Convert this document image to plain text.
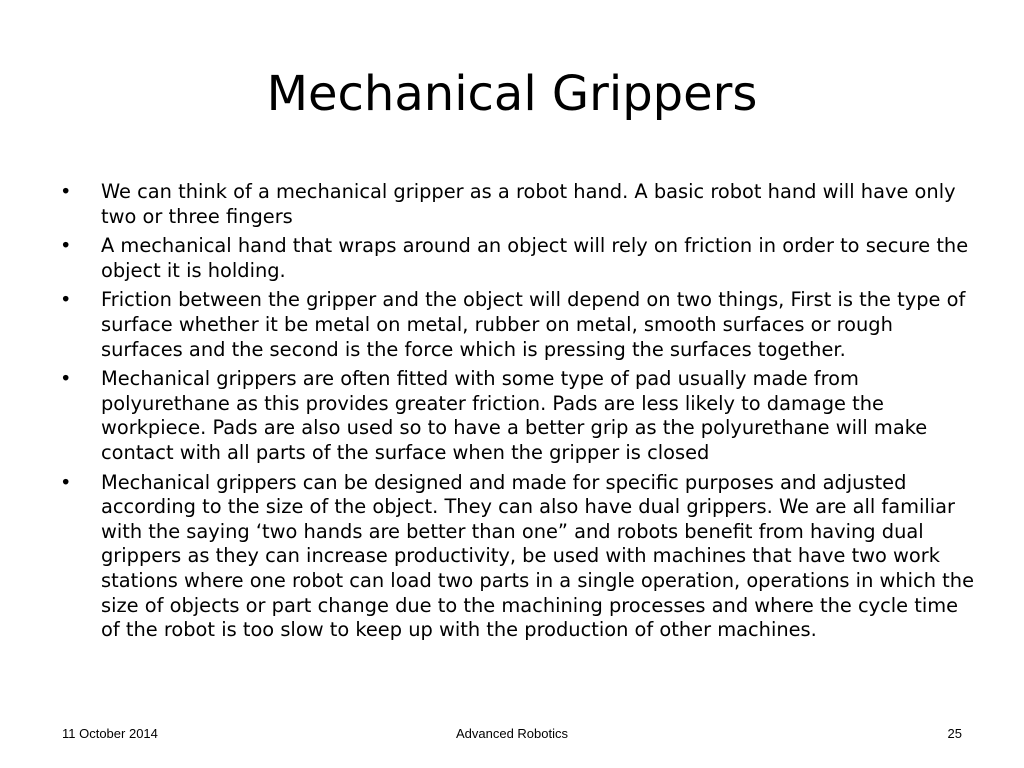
Mechanical Grippers
•	We can think of a mechanical gripper as a robot hand. A basic robot hand will have only two or three fingers
•	A mechanical hand that wraps around an object will rely on friction in order to secure the object it is holding.
•	Friction between the gripper and the object will depend on two things, First is the type of surface whether it be metal on metal, rubber on metal, smooth surfaces or rough surfaces and the second is the force which is pressing the surfaces together.
•	Mechanical grippers are often fitted with some type of pad usually made from polyurethane as this provides greater friction. Pads are less likely to damage the workpiece. Pads are also used so to have a better grip as the polyurethane will make contact with all parts of the surface when the gripper is closed
•	Mechanical grippers can be designed and made for specific purposes and adjusted according to the size of the object. They can also have dual grippers. We are all familiar with the saying ‘two hands are better than one” and robots benefit from having dual grippers as they can increase productivity, be used with machines that have two work stations where one robot can load two parts in a single operation, operations in which the size of objects or part change due to the machining processes and where the cycle time of the robot is too slow to keep up with the production of other machines.
11 October 2014	Advanced Robotics	25
